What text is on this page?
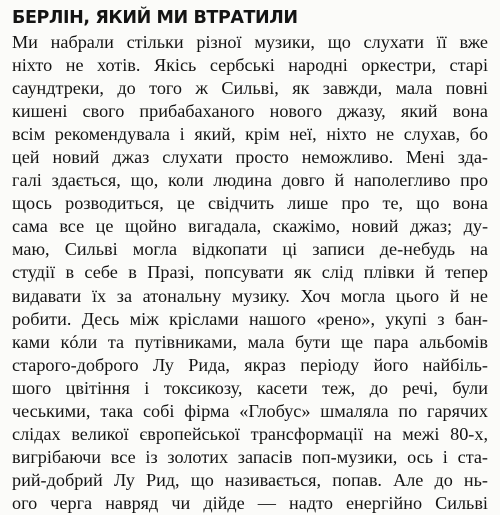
БЕРЛІН, ЯКИЙ МИ ВТРАТИЛИ
Ми набрали стільки різної музики, що слухати її вже
ніхто не хотів. Якісь сербські народні оркестри, старі
саундтреки, до того ж Сильві, як завжди, мала повні
кишені свого прибабаханого нового джазу, який вона
всім рекомендувала і який, крім неї, ніхто не слухав, бо
цей новий джаз слухати просто неможливо. Мені зда-
галі здається, що, коли людина довго й наполегливо про
щось розводиться, це свідчить лише про те, що вона
сама все це щойно вигадала, скажімо, новий джаз; ду-
маю, Сильві могла відкопати ці записи де-небудь на
студії в себе в Празі, попсувати як слід плівки й тепер
видавати їх за атональну музику. Хоч могла цього й не
робити. Десь між кріслами нашого «рено», укупі з бан-
ками кóли та путівниками, мала бути ще пара альбомів
старого-доброго Лу Рида, якраз періоду його найбіль-
шого цвітіння і токсикозу, касети теж, до речі, були
чеськими, така собі фірма «Глобус» шмаляла по гарячих
слідах великої європейської трансформації на межі 80-х,
вигрібаючи все із золотих запасів поп-музики, ось і ста-
рий-добрий Лу Рид, що називається, попав. Але до нь-
ого черга навряд чи дійде — надто енергійно Сильві
